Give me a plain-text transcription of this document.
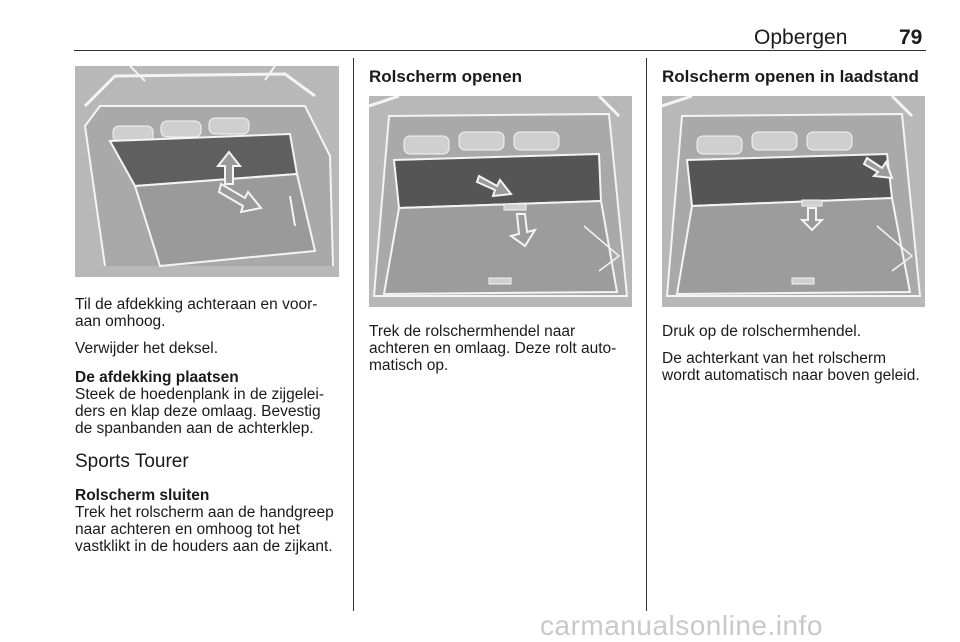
Opbergen 79

Til de afdekking achteraan en voor-
aan omhoog.

Verwijder het deksel.

De afdekking plaatsen

Steek de hoedenplank in de zijgelei-
ders en klap deze omlaag. Bevestig
de spanbanden aan de achterklep.

Sports Tourer
Rolscherm sluiten

Trek het rolscherm aan de handgreep
naar achteren en omhoog tot het
vastklikt in de houders aan de zijkant.

Rolscherm openen
Trek de rolschermhendel naar
achteren en omlaag. Deze rolt auto-
matisch op.
Rolscherm openen in laadstand

Druk op de rolschermhendel.

De achterkant van het rolscherm
wordt automatisch naar boven geleid.

carmanualsonline.info
